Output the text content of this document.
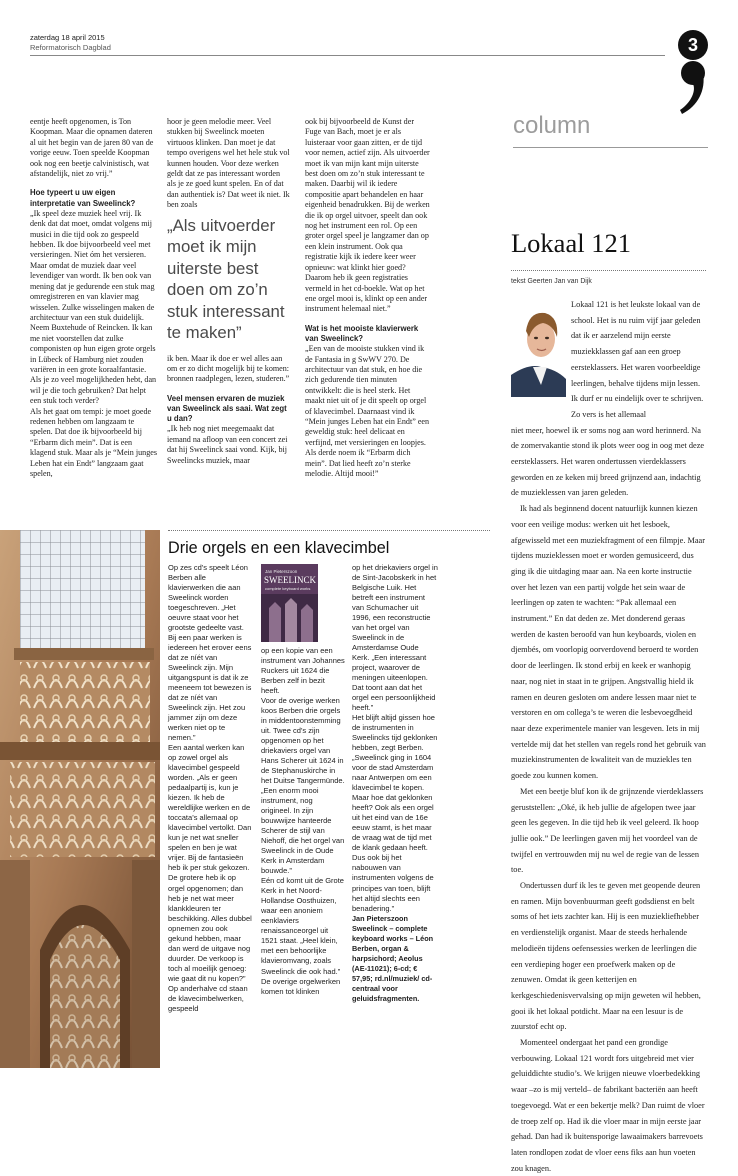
zaterdag 18 april 2015
Reformatorisch Dagblad	3

eentje heeft opgenomen, is Ton Koopman. Maar die opnamen dateren al uit het begin van de jaren 80 van de vorige eeuw. Toen speelde Koopman ook nog een beetje calvinistisch, wat afstandelijk, niet zo vrij.”

Hoe typeert u uw eigen interpretatie van Sweelinck?

„Ik speel deze muziek heel vrij. Ik denk dat dat moet, omdat volgens mij musici in die tijd ook zo gespeeld hebben. Ik doe bijvoorbeeld veel met versieringen. Niet óm het versieren. Maar omdat de muziek daar veel levendiger van wordt. Ik ben ook van mening dat je gedurende een stuk mag omregistreren en van klavier mag wisselen. Zulke wisselingen maken de architectuur van een stuk duidelijk. Neem Buxtehude of Reincken. Ik kan me niet voorstellen dat zulke componisten op hun eigen grote orgels in Lübeck of Hamburg niet zouden variëren in een grote koraalfantasie. Als je zo veel mogelijkheden hebt, dan wil je die toch gebruiken? Dat helpt een stuk toch verder?

Als het gaat om tempi: je moet goede redenen hebben om langzaam te spelen. Dat doe ik bijvoorbeeld bij “Erbarm dich mein”. Dat is een klagend stuk. Maar als je “Mein junges Leben hat ein Endt” langzaam gaat spelen,

hoor je geen melodie meer. Veel stukken bij Sweelinck moeten virtuoos klinken. Dan moet je dat tempo overigens wel het hele stuk vol kunnen houden. Voor deze werken geldt dat ze pas interessant worden als je ze goed kunt spelen. En of dat dan authentiek is? Dat weet ik niet. Ik ben zoals

„Als uitvoerder moet ik mijn uiterste best doen om zo’n stuk interessant te maken”

ik ben. Maar ik doe er wel alles aan om er zo dicht mogelijk bij te komen: bronnen raadplegen, lezen, studeren.”

Veel mensen ervaren de muziek van Sweelinck als saai. Wat zegt u dan?

„Ik heb nog niet meegemaakt dat iemand na afloop van een concert zei dat hij Sweelinck saai vond. Kijk, bij Sweelincks muziek, maar

ook bij bijvoorbeeld de Kunst der Fuge van Bach, moet je er als luisteraar voor gaan zitten, er de tijd voor nemen, actief zijn. Als uitvoerder moet ik van mijn kant mijn uiterste best doen om zo’n stuk interessant te maken. Daarbij wil ik iedere compositie apart behandelen en haar eigenheid benadrukken. Bij de werken die ik op orgel uitvoer, speelt dan ook nog het instrument een rol. Op een groter orgel speel je langzamer dan op een klein instrument. Ook qua registratie kijk ik iedere keer weer opnieuw: wat klinkt hier goed? Daarom heb ik geen registraties vermeld in het cd-boekle. Wat op het ene orgel mooi is, klinkt op een ander instrument helemaal niet.”

Wat is het mooiste klavierwerk van Sweelinck?

„Een van de mooiste stukken vind ik de Fantasia in g SwWV 270. De architectuur van dat stuk, en hoe die zich gedurende tien minuten ontwikkelt: die is heel sterk. Het maakt niet uit of je dit speelt op orgel of klavecimbel. Daarnaast vind ik “Mein junges Leben hat ein Endt” een geweldig stuk: heel delicaat en verfijnd, met versieringen en loopjes. Als derde noem ik “Erbarm dich mein”. Dat lied heeft zo’n sterke melodie. Altijd mooi!”

Drie orgels en een klavecimbel

Op zes cd’s speelt Léon Berben alle klavierwerken die aan Sweelinck worden toegeschreven. „Het oeuvre staat voor het grootste gedeelte vast. Bij een paar werken is iedereen het erover eens dat ze níét van Sweelinck zijn. Mijn uitgangspunt is dat ik ze meeneem tot bewezen is dat ze níét van Sweelinck zijn. Het zou jammer zijn om deze werken niet op te nemen.”

Een aantal werken kan op zowel orgel als klavecimbel gespeeld worden. „Als er geen pedaalpartij is, kun je kiezen. Ik heb de wereldlijke werken en de toccata’s allemaal op klavecimbel vertolkt. Dan kun je net wat sneller spelen en ben je wat vrijer. Bij de fantasieën heb ik per stuk gekozen. De grotere heb ik op orgel opgenomen; dan heb je net wat meer klankkleuren ter beschikking. Alles dubbel opnemen zou ook gekund hebben, maar dan werd de uitgave nog duurder. De verkoop is toch al moeilijk genoeg: wie gaat dit nu kopen?” Op anderhalve cd staan de klavecimbelwerken, gespeeld

Jan Pieterszoon
SWEELINCK
complete keyboard works

op een kopie van een instrument van Johannes Ruckers uit 1624 die Berben zelf in bezit heeft.

Voor de overige werken koos Berben drie orgels in middentoonstemming uit. Twee cd’s zijn opgenomen op het driekaviers orgel van Hans Scherer uit 1624 in de Stephanuskirche in het Duitse Tangermünde. „Een enorm mooi instrument, nog origineel. In zijn bouwwijze hanteerde Scherer de stijl van Niehoff, die het orgel van Sweelinck in de Oude Kerk in Amsterdam bouwde.”

Eén cd komt uit de Grote Kerk in het Noord-Hollandse Oosthuizen, waar een anoniem eenklaviers renaissanceorgel uit 1521 staat. „Heel klein, met een behoorlijke klavieromvang, zoals Sweelinck die ook had.”

De overige orgelwerken komen tot klinken

op het driekaviers orgel in de Sint-Jacobskerk in het Belgische Luik. Het betreft een instrument van Schumacher uit 1996, een reconstructie van het orgel van Sweelinck in de Amsterdamse Oude Kerk. „Een interessant project, waarover de meningen uiteenlopen. Dat toont aan dat het orgel een persoonlijkheid heeft.”

Het blijft altijd gissen hoe de instrumenten in Sweelincks tijd geklonken hebben, zegt Berben. „Sweelinck ging in 1604 voor de stad Amsterdam naar Antwerpen om een klavecimbel te kopen. Maar hoe dat geklonken heeft? Ook als een orgel uit het eind van de 16e eeuw stamt, is het maar de vraag wat de tijd met de klank gedaan heeft. Dus ook bij het nabouwen van instrumenten volgens de principes van toen, blijft het altijd slechts een benadering.”

Jan Pieterszoon Sweelinck – complete keyboard works – Léon Berben, organ & harpsichord; Aeolus (AE-11021); 6-cd; € 57,95; rd.nl/muziek/ cd-centraal voor geluidsfragmenten.

column
Lokaal 121
tekst Geerten Jan van Dijk

Lokaal 121 is het leukste lokaal van de school. Het is nu ruim vijf jaar geleden dat ik er aarzelend mijn eerste muziekklassen gaf aan een groep eersteklassers. Het waren voorbeeldige leerlingen, behalve tijdens mijn lessen. Ik durf er nu eindelijk over te schrijven. Zo vers is het allemaal

niet meer, hoewel ik er soms nog aan word herinnerd. Na de zomervakantie stond ik plots weer oog in oog met deze eersteklassers. Het waren ondertussen vierdeklassers geworden en ze keken mij breed grijnzend aan, indachtig de muzieklessen van jaren geleden.

Ik had als beginnend docent natuurlijk kunnen kiezen voor een veilige modus: werken uit het lesboek, afgewisseld met een muziekfragment of een filmpje. Maar tijdens muzieklessen moet er worden gemusiceerd, dus ging ik die uitdaging maar aan. Na een korte instructie over het lezen van een partij volgde het sein waar de leerlingen op zaten te wachten: “Pak allemaal een instrument.” En dat deden ze. Met donderend geraas werden de kasten beroofd van hun keyboards, violen en djembés, om voorlopig oorverdovend beroerd te worden door de leerlingen. Ik stond erbij en keek er wanhopig naar, nog niet in staat in te grijpen. Angstvallig hield ik ramen en deuren gesloten om andere lessen maar niet te verstoren en om collega’s te weren die lesbevoegdheid naar deze experimentele manier van lesgeven. Iets in mij vertelde mij dat het stellen van regels rond het gebruik van muziekinstrumenten de kwaliteit van de muziekles ten goede zou kunnen komen.

Met een beetje bluf kon ik de grijnzende vierdeklassers geruststellen: „Oké, ik heb jullie de afgelopen twee jaar geen les gegeven. In die tijd heb ik veel geleerd. Ik hoop jullie ook.” De leerlingen gaven mij het voordeel van de twijfel en vertrouwden mij nu wel de regie van de lessen toe.

Ondertussen durf ik les te geven met geopende deuren en ramen. Mijn bovenbuurman geeft godsdienst en belt soms of het iets zachter kan. Hij is een muziekliefhebber en verdienstelijk organist. Maar de steeds herhalende melodieën tijdens oefensessies werken de leerlingen die een verdieping hoger een proefwerk maken op de zenuwen. Omdat ik geen ketterijen en kerkgeschiedenisvervalsing op mijn geweten wil hebben, gooi ik het lokaal potdicht. Maar na een lesuur is de zuurstof echt op.

Momenteel ondergaat het pand een grondige verbouwing. Lokaal 121 wordt fors uitgebreid met vier geluiddichte studio’s. We krijgen nieuwe vloerbedekking waar –zo is mij verteld– de fabrikant bacteriën aan heeft toegevoegd. Wat er een bekertje melk? Dan ruimt de vloer de troep zelf op. Had ik die vloer maar in mijn eerste jaar gehad. Dan had ik buitensporige lawaaimakers barrevoets laten rondlopen zodat de vloer eens fiks aan hun voeten zou knagen.
